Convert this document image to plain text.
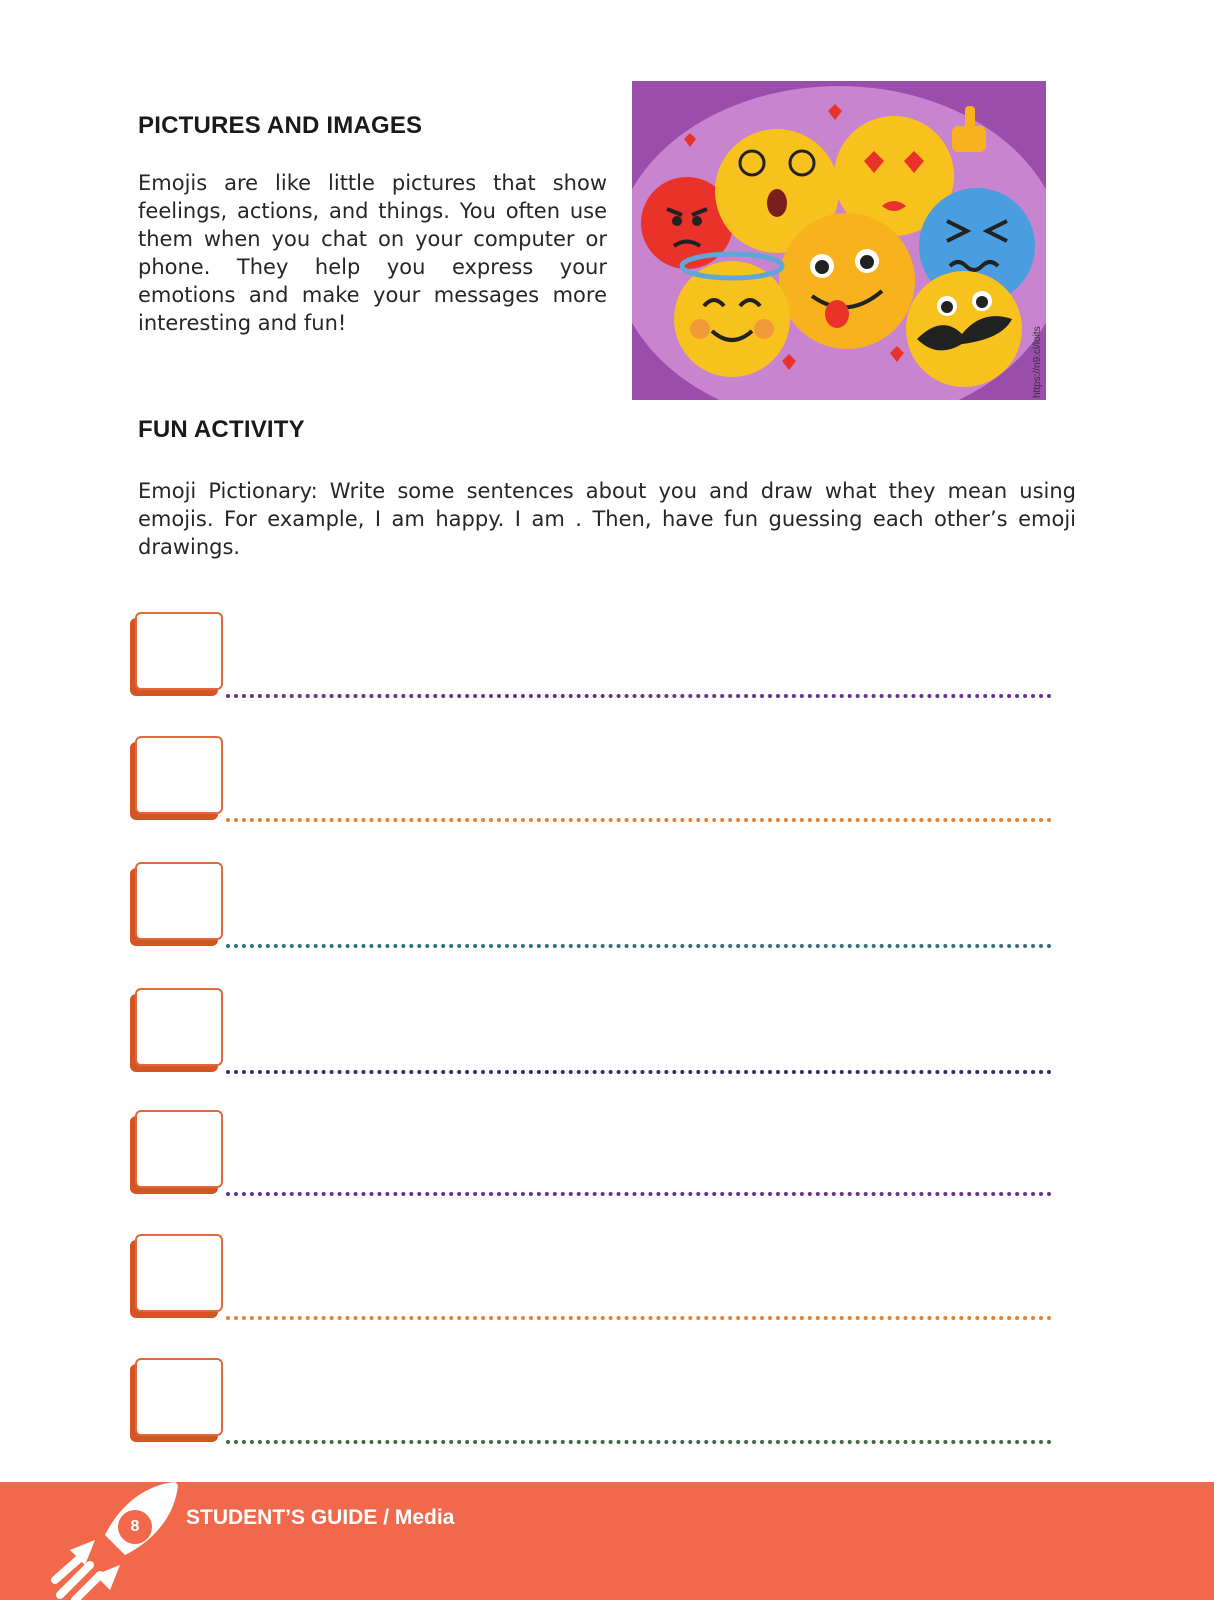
PICTURES AND IMAGES

Emojis are like little pictures that show feelings, actions, and things. You often use them when you chat on your computer or phone. They help you express your emotions and make your messages more interesting and fun!

https://n9.cl/loits
FUN ACTIVITY

Emoji Pictionary: Write some sentences about you and draw what they mean using emojis. For example, I am happy. I am . Then, have fun guessing each other’s emoji drawings.

8	STUDENT’S GUIDE / Media
